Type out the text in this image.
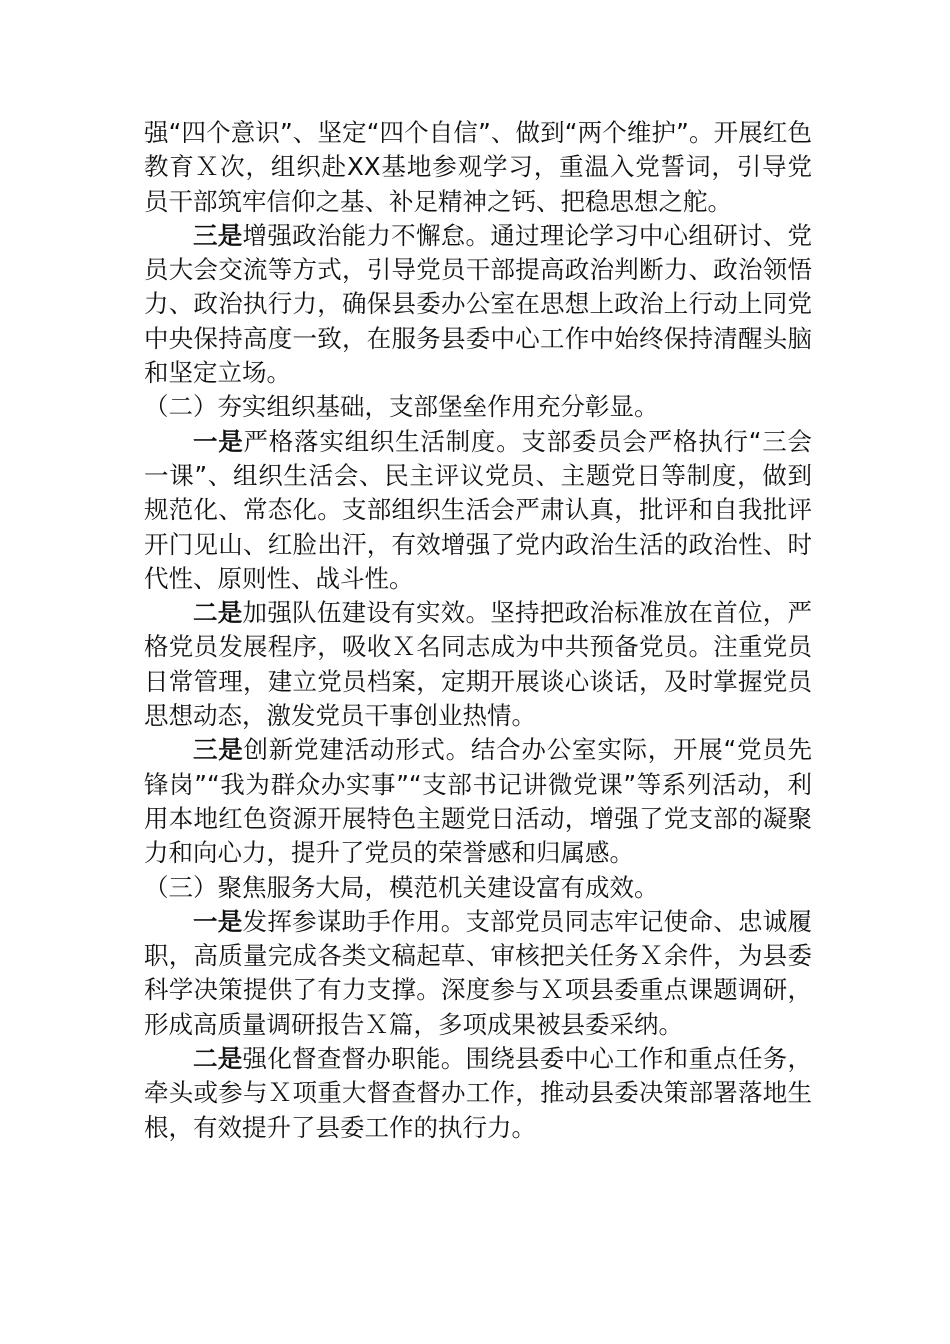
强“四个意识”、坚定“四个自信”、做到“两个维护”。开展红色教育Ｘ次，组织赴XX基地参观学习，重温入党誓词，引导党员干部筑牢信仰之基、补足精神之钙、把稳思想之舵。

三是增强政治能力不懈怠。通过理论学习中心组研讨、党员大会交流等方式，引导党员干部提高政治判断力、政治领悟力、政治执行力，确保县委办公室在思想上政治上行动上同党中央保持高度一致，在服务县委中心工作中始终保持清醒头脑和坚定立场。

（二）夯实组织基础，支部堡垒作用充分彰显。

一是严格落实组织生活制度。支部委员会严格执行“三会一课”、组织生活会、民主评议党员、主题党日等制度，做到规范化、常态化。支部组织生活会严肃认真，批评和自我批评开门见山、红脸出汗，有效增强了党内政治生活的政治性、时代性、原则性、战斗性。

二是加强队伍建设有实效。坚持把政治标准放在首位，严格党员发展程序，吸收Ｘ名同志成为中共预备党员。注重党员日常管理，建立党员档案，定期开展谈心谈话，及时掌握党员思想动态，激发党员干事创业热情。

三是创新党建活动形式。结合办公室实际，开展“党员先锋岗”“我为群众办实事”“支部书记讲微党课”等系列活动，利用本地红色资源开展特色主题党日活动，增强了党支部的凝聚力和向心力，提升了党员的荣誉感和归属感。

（三）聚焦服务大局，模范机关建设富有成效。

一是发挥参谋助手作用。支部党员同志牢记使命、忠诚履职，高质量完成各类文稿起草、审核把关任务Ｘ余件，为县委科学决策提供了有力支撑。深度参与Ｘ项县委重点课题调研，形成高质量调研报告Ｘ篇，多项成果被县委采纳。

二是强化督查督办职能。围绕县委中心工作和重点任务，牵头或参与Ｘ项重大督查督办工作，推动县委决策部署落地生根，有效提升了县委工作的执行力。
